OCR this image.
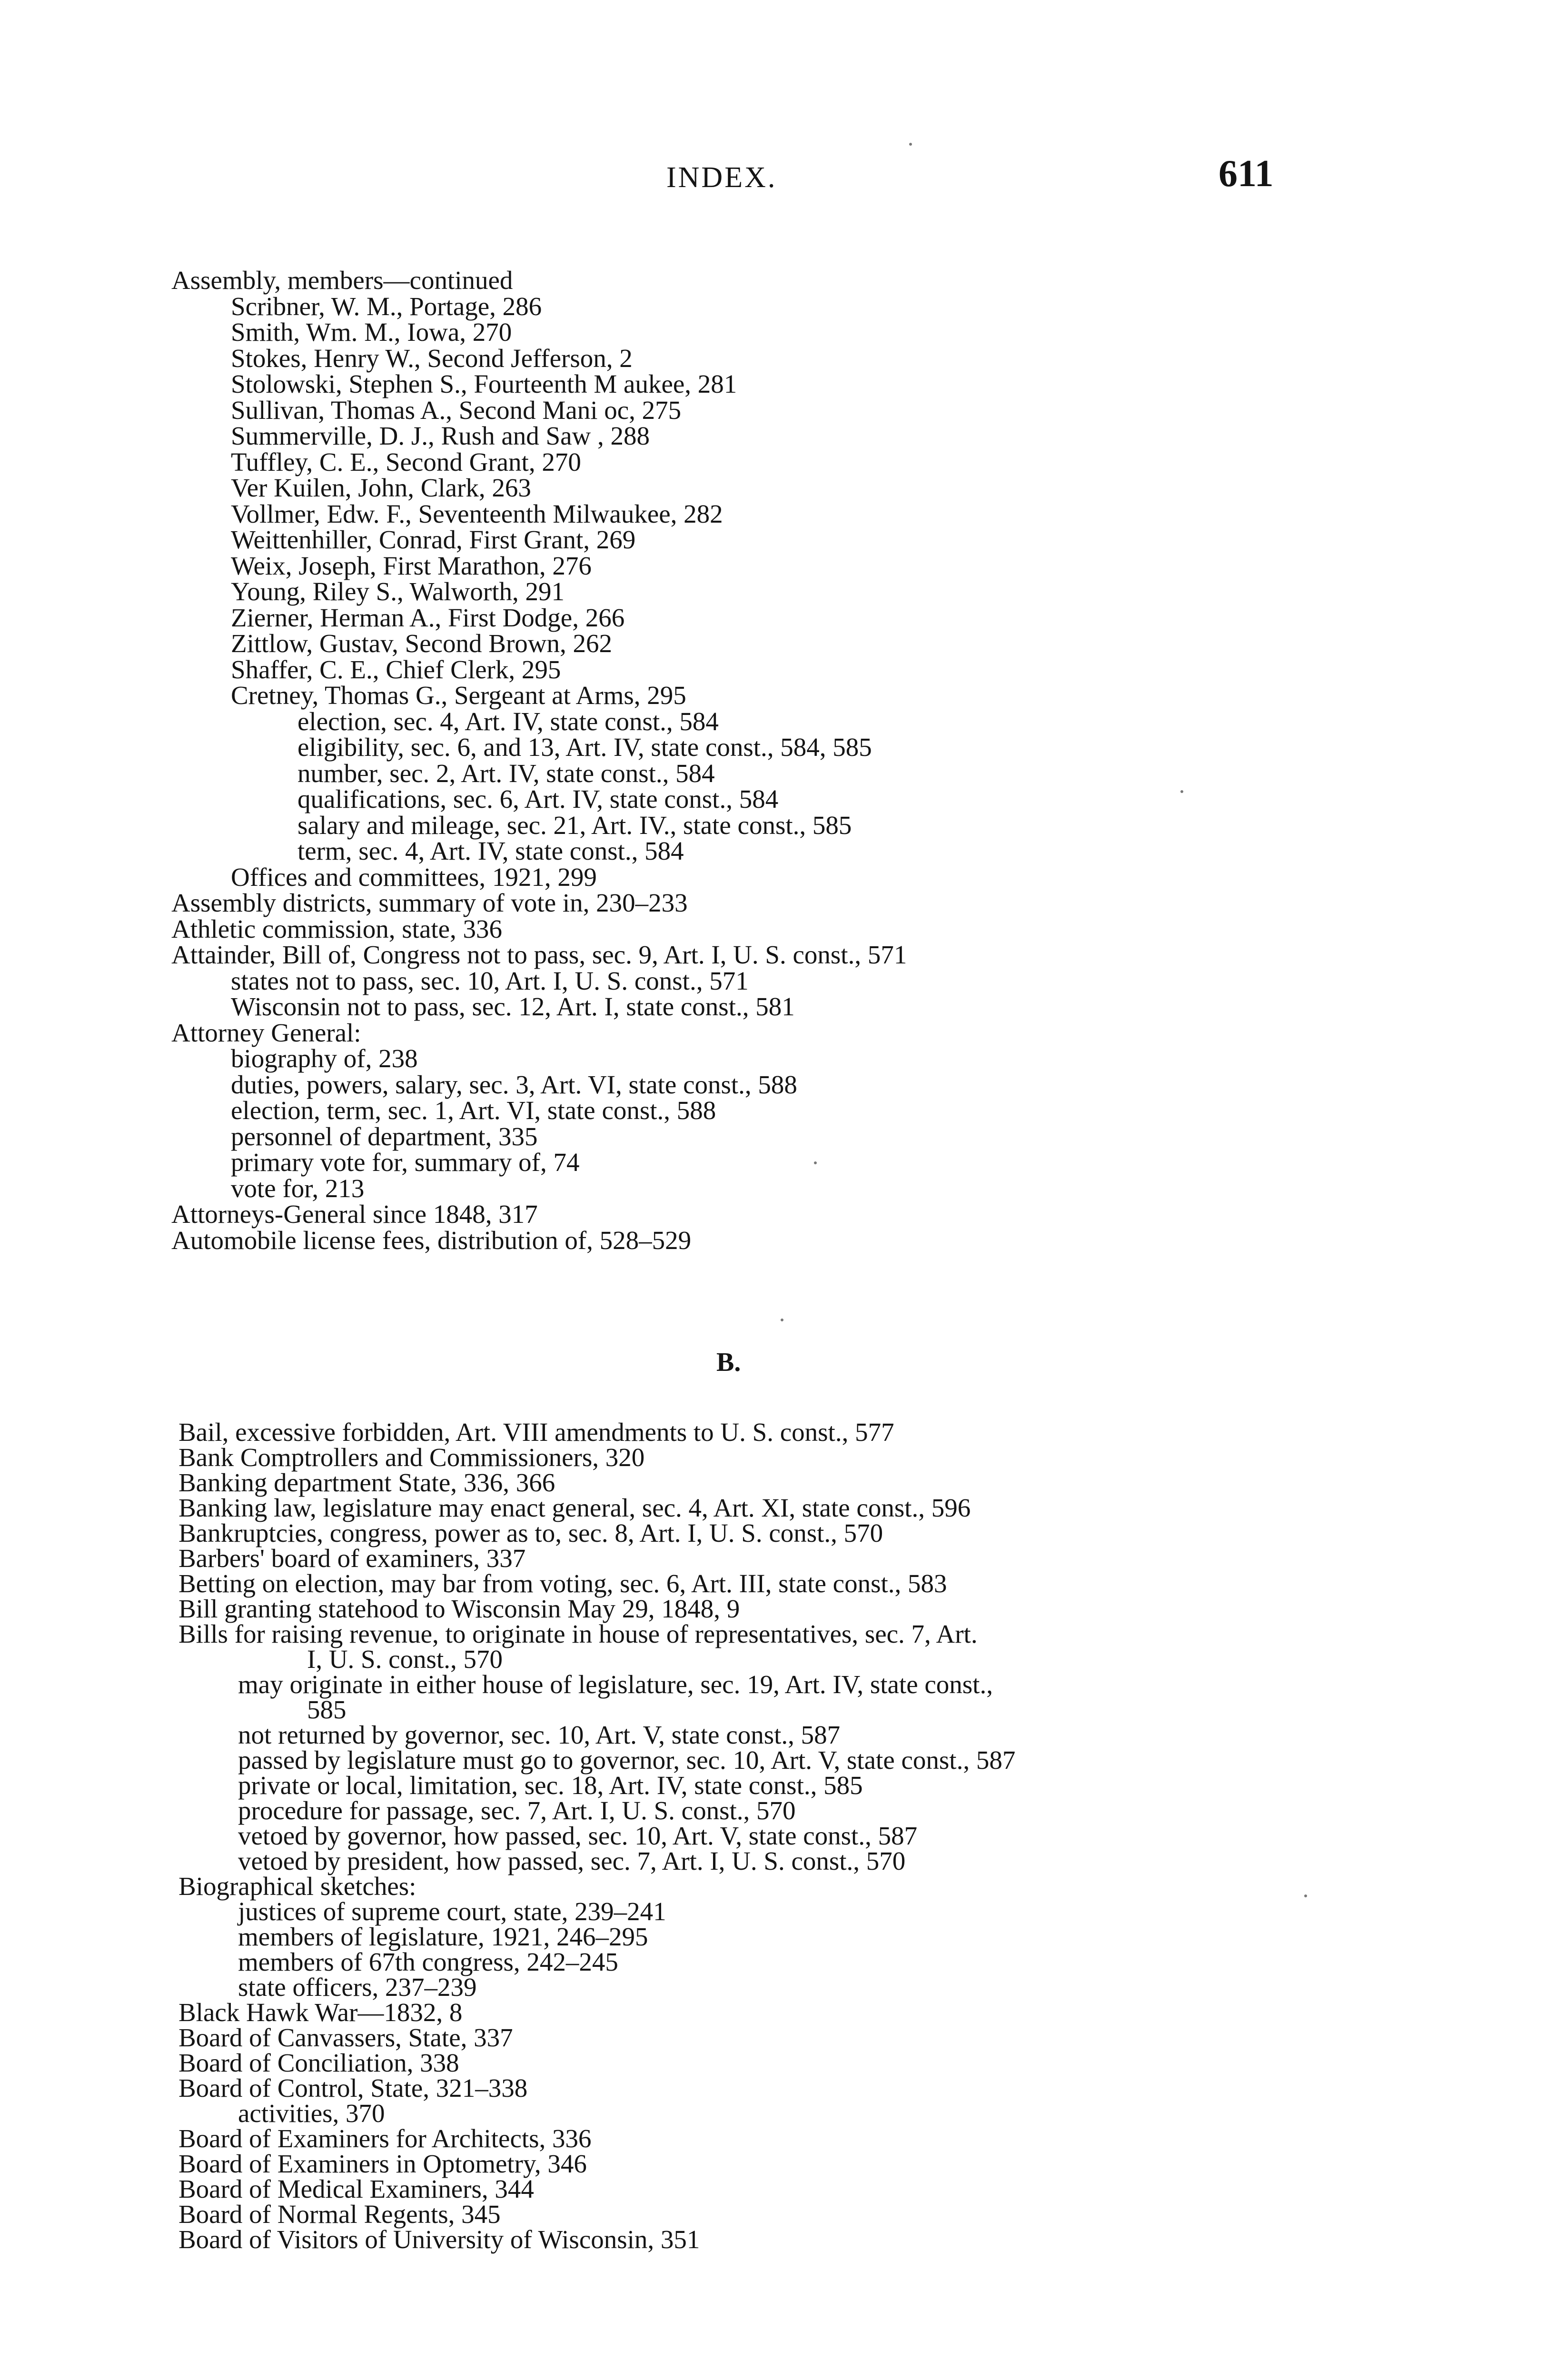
INDEX.	611
Assembly, members—continued
Scribner, W. M., Portage, 286
Smith, Wm. M., Iowa, 270
Stokes, Henry W., Second Jefferson, 2
Stolowski, Stephen S., Fourteenth M aukee, 281
Sullivan, Thomas A., Second Mani oc, 275
Summerville, D. J., Rush and Saw , 288
Tuffley, C. E., Second Grant, 270
Ver Kuilen, John, Clark, 263
Vollmer, Edw. F., Seventeenth Milwaukee, 282
Weittenhiller, Conrad, First Grant, 269
Weix, Joseph, First Marathon, 276
Young, Riley S., Walworth, 291
Zierner, Herman A., First Dodge, 266
Zittlow, Gustav, Second Brown, 262
Shaffer, C. E., Chief Clerk, 295
Cretney, Thomas G., Sergeant at Arms, 295
election, sec. 4, Art. IV, state const., 584
eligibility, sec. 6, and 13, Art. IV, state const., 584, 585
number, sec. 2, Art. IV, state const., 584
qualifications, sec. 6, Art. IV, state const., 584
salary and mileage, sec. 21, Art. IV., state const., 585
term, sec. 4, Art. IV, state const., 584
Offices and committees, 1921, 299
Assembly districts, summary of vote in, 230–233
Athletic commission, state, 336
Attainder, Bill of, Congress not to pass, sec. 9, Art. I, U. S. const., 571
states not to pass, sec. 10, Art. I, U. S. const., 571
Wisconsin not to pass, sec. 12, Art. I, state const., 581
Attorney General:
biography of, 238
duties, powers, salary, sec. 3, Art. VI, state const., 588
election, term, sec. 1, Art. VI, state const., 588
personnel of department, 335
primary vote for, summary of, 74
vote for, 213
Attorneys-General since 1848, 317
Automobile license fees, distribution of, 528–529
B.
Bail, excessive forbidden, Art. VIII amendments to U. S. const., 577
Bank Comptrollers and Commissioners, 320
Banking department State, 336, 366
Banking law, legislature may enact general, sec. 4, Art. XI, state const., 596
Bankruptcies, congress, power as to, sec. 8, Art. I, U. S. const., 570
Barbers' board of examiners, 337
Betting on election, may bar from voting, sec. 6, Art. III, state const., 583
Bill granting statehood to Wisconsin May 29, 1848, 9
Bills for raising revenue, to originate in house of representatives, sec. 7, Art.
I, U. S. const., 570
may originate in either house of legislature, sec. 19, Art. IV, state const.,
585
not returned by governor, sec. 10, Art. V, state const., 587
passed by legislature must go to governor, sec. 10, Art. V, state const., 587
private or local, limitation, sec. 18, Art. IV, state const., 585
procedure for passage, sec. 7, Art. I, U. S. const., 570
vetoed by governor, how passed, sec. 10, Art. V, state const., 587
vetoed by president, how passed, sec. 7, Art. I, U. S. const., 570
Biographical sketches:
justices of supreme court, state, 239–241
members of legislature, 1921, 246–295
members of 67th congress, 242–245
state officers, 237–239
Black Hawk War—1832, 8
Board of Canvassers, State, 337
Board of Conciliation, 338
Board of Control, State, 321–338
activities, 370
Board of Examiners for Architects, 336
Board of Examiners in Optometry, 346
Board of Medical Examiners, 344
Board of Normal Regents, 345
Board of Visitors of University of Wisconsin, 351
